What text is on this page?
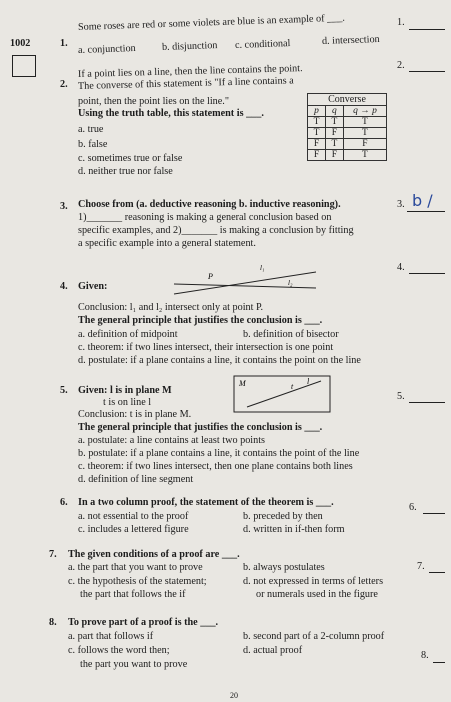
1002	1.
Some roses are red or some violets are blue is an example of ___.
a. conjunction	b. disjunction c. conditional	d. intersection
1.
2.
If a point lies on a line, then the line contains the point.
The converse of this statement is "If a line contains a
point, then the point lies on the line."
Using the truth table, this statement is ___.
a. true
b. false
c. sometimes true or false
d. neither true nor false
2.
Converse		
p	q	q → p
T	T	T
T	F	T
F	T	F
F	F	T
3. Choose from (a. deductive reasoning b. inductive reasoning).
1)_______ reasoning is making a general conclusion based on
specific examples, and 2)_______ is making a conclusion by fitting
a specific example into a general statement.
3. b /
4. Given:
P
l₁
l₂
4.
Conclusion: l₁ and l₂ intersect only at point P.
The general principle that justifies the conclusion is ___.
a. definition of midpoint	b. definition of bisector
c. theorem: if two lines intersect, their intersection is one point
d. postulate: if a plane contains a line, it contains the point on the line
5. Given: l is in plane M
t is on line l
Conclusion: t is in plane M.
M	t
l
5.
The general principle that justifies the conclusion is ___.
a. postulate: a line contains at least two points
b. postulate: if a plane contains a line, it contains the point of the line
c. theorem: if two lines intersect, then one plane contains both lines
d. definition of line segment
6. In a two column proof, the statement of the theorem is ___.
a. not essential to the proof	b. preceded by then
c. includes a lettered figure	d. written in if-then form
6.
7. The given conditions of a proof are ___.
a. the part that you want to prove	b. always postulates
c. the hypothesis of the statement;
the part that follows the if
d. not expressed in terms of letters
or numerals used in the figure
7.
8. To prove part of a proof is the ___.
a. part that follows if	b. second part of a 2-column proof
c. follows the word then;
the part you want to prove
d. actual proof	8.
20
